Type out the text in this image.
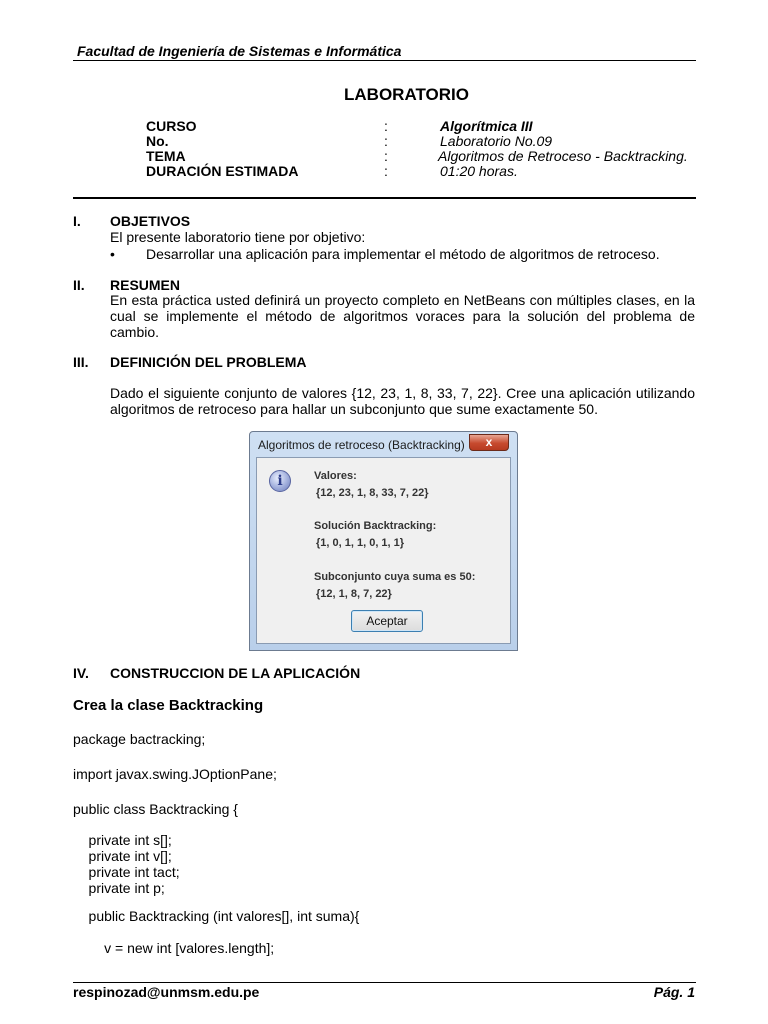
Facultad de Ingeniería de Sistemas e Informática
LABORATORIO
CURSO	:	Algorítmica III
No.	:	Laboratorio No.09
TEMA	:	Algoritmos de Retroceso - Backtracking.
DURACIÓN ESTIMADA	:	01:20 horas.
I. OBJETIVOS
El presente laboratorio tiene por objetivo:
• Desarrollar una aplicación para implementar el método de algoritmos de retroceso.
II. RESUMEN
En esta práctica usted definirá un proyecto completo en NetBeans con múltiples clases, en la cual se implemente el método de algoritmos voraces para la solución del problema de cambio.
III. DEFINICIÓN DEL PROBLEMA
Dado el siguiente conjunto de valores {12, 23, 1, 8, 33, 7, 22}. Cree una aplicación utilizando algoritmos de retroceso para hallar un subconjunto que sume exactamente 50.
Algoritmos de retroceso (Backtracking)	x
i	Valores:
{12, 23, 1, 8, 33, 7, 22}
Solución Backtracking:
{1, 0, 1, 1, 0, 1, 1}
Subconjunto cuya suma es 50:
{12, 1, 8, 7, 22}
Aceptar
IV. CONSTRUCCION DE LA APLICACIÓN
Crea la clase Backtracking
package bactracking;
import javax.swing.JOptionPane;
public class Backtracking {
private int s[];
private int v[];
private int tact;
private int p;
public Backtracking (int valores[], int suma){
v = new int [valores.length];
respinozad@unmsm.edu.pe	Pág. 1
